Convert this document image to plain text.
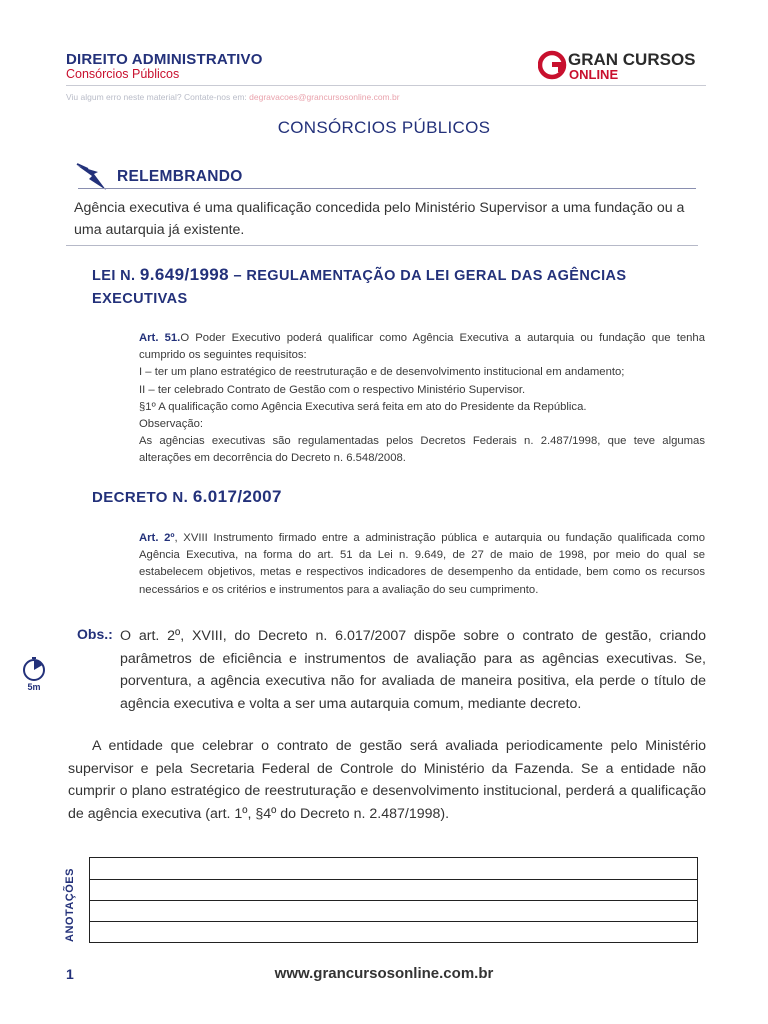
DIREITO ADMINISTRATIVO
Consórcios Públicos
GRAN CURSOS
ONLINE
Viu algum erro neste material? Contate-nos em: degravacoes@grancursosonline.com.br
CONSÓRCIOS PÚBLICOS
RELEMBRANDO
Agência executiva é uma qualificação concedida pelo Ministério Supervisor a uma fundação ou a uma autarquia já existente.
LEI N. 9.649/1998 – REGULAMENTAÇÃO DA LEI GERAL DAS AGÊNCIAS EXECUTIVAS

Art. 51.O Poder Executivo poderá qualificar como Agência Executiva a autarquia ou fundação que tenha cumprido os seguintes requisitos:

I – ter um plano estratégico de reestruturação e de desenvolvimento institucional em andamento;

II – ter celebrado Contrato de Gestão com o respectivo Ministério Supervisor.

§1º A qualificação como Agência Executiva será feita em ato do Presidente da República.

Observação:

As agências executivas são regulamentadas pelos Decretos Federais n. 2.487/1998, que teve algumas alterações em decorrência do Decreto n. 6.548/2008.

DECRETO N. 6.017/2007
Art. 2º, XVIII Instrumento firmado entre a administração pública e autarquia ou fundação qualificada como Agência Executiva, na forma do art. 51 da Lei n. 9.649, de 27 de maio de 1998, por meio do qual se estabelecem objetivos, metas e respectivos indicadores de desempenho da entidade, bem como os recursos necessários e os critérios e instrumentos para a avaliação do seu cumprimento.
Obs.: O art. 2º, XVIII, do Decreto n. 6.017/2007 dispõe sobre o contrato de gestão, criando parâmetros de eficiência e instrumentos de avaliação para as agências executivas. Se, porventura, a agência executiva não for avaliada de maneira positiva, ela perde o título de agência executiva e volta a ser uma autarquia comum, mediante decreto.
5m
A entidade que celebrar o contrato de gestão será avaliada periodicamente pelo Ministério supervisor e pela Secretaria Federal de Controle do Ministério da Fazenda. Se a entidade não cumprir o plano estratégico de reestruturação e desenvolvimento institucional, perderá a qualificação de agência executiva (art. 1º, §4º do Decreto n. 2.487/1998).
ANOTAÇÕES
1	www.grancursosonline.com.br
